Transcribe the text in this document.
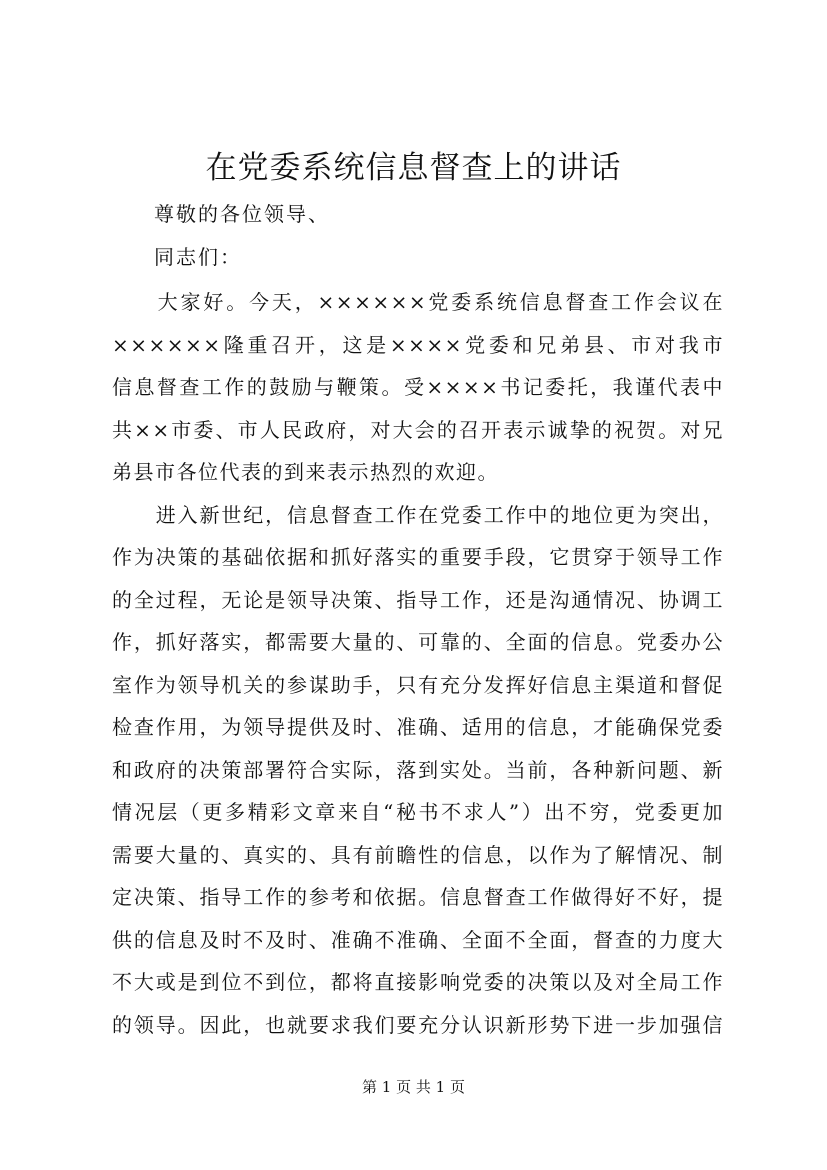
在党委系统信息督查上的讲话
尊敬的各位领导、
同志们：

　　大家好。今天，××××××党委系统信息督查工作会议在
××××××隆重召开，这是××××党委和兄弟县、市对我市
信息督查工作的鼓励与鞭策。受××××书记委托，我谨代表中
共××市委、市人民政府，对大会的召开表示诚挚的祝贺。对兄
弟县市各位代表的到来表示热烈的欢迎。

　　进入新世纪，信息督查工作在党委工作中的地位更为突出，
作为决策的基础依据和抓好落实的重要手段，它贯穿于领导工作
的全过程，无论是领导决策、指导工作，还是沟通情况、协调工
作，抓好落实，都需要大量的、可靠的、全面的信息。党委办公
室作为领导机关的参谋助手，只有充分发挥好信息主渠道和督促
检查作用，为领导提供及时、准确、适用的信息，才能确保党委
和政府的决策部署符合实际，落到实处。当前，各种新问题、新
情况层（更多精彩文章来自“秘书不求人”）出不穷，党委更加
需要大量的、真实的、具有前瞻性的信息，以作为了解情况、制
定决策、指导工作的参考和依据。信息督查工作做得好不好，提
供的信息及时不及时、准确不准确、全面不全面，督查的力度大
不大或是到位不到位，都将直接影响党委的决策以及对全局工作
的领导。因此，也就要求我们要充分认识新形势下进一步加强信

第 1 页 共 1 页
